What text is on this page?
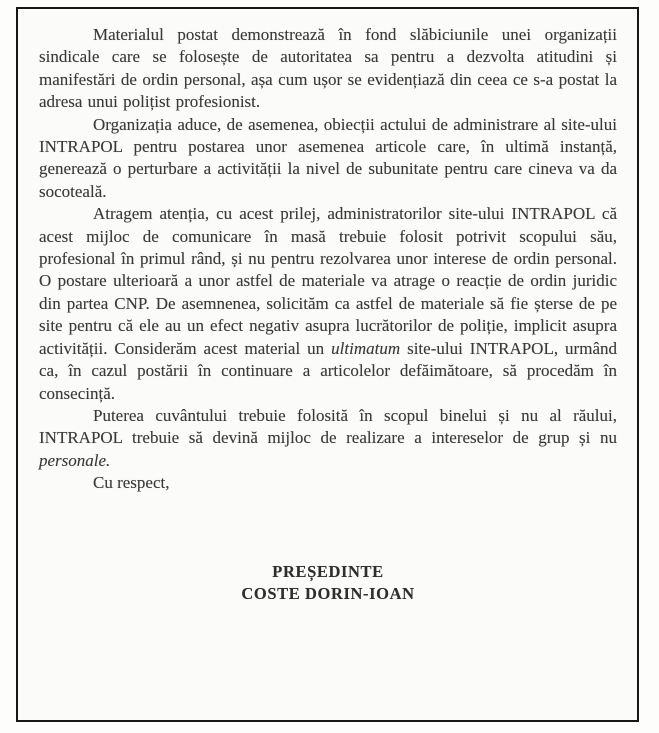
Materialul postat demonstrează în fond slăbiciunile unei organizații sindicale care se folosește de autoritatea sa pentru a dezvolta atitudini și manifestări de ordin personal, așa cum ușor se evidențiază din ceea ce s-a postat la adresa unui polițist profesionist.

Organizația aduce, de asemenea, obiecții actului de administrare al site-ului INTRAPOL pentru postarea unor asemenea articole care, în ultimă instanță, generează o perturbare a activității la nivel de subunitate pentru care cineva va da socoteală.

Atragem atenția, cu acest prilej, administratorilor site-ului INTRAPOL că acest mijloc de comunicare în masă trebuie folosit potrivit scopului său, profesional în primul rând, și nu pentru rezolvarea unor interese de ordin personal. O postare ulterioară a unor astfel de materiale va atrage o reacție de ordin juridic din partea CNP. De asemnenea, solicităm ca astfel de materiale să fie șterse de pe site pentru că ele au un efect negativ asupra lucrătorilor de poliție, implicit asupra activității. Considerăm acest material un ultimatum site-ului INTRAPOL, urmând ca, în cazul postării în continuare a articolelor defăimătoare, să procedăm în consecință.

Puterea cuvântului trebuie folosită în scopul binelui și nu al răului, INTRAPOL trebuie să devină mijloc de realizare a intereselor de grup și nu personale.

Cu respect,

PREȘEDINTE
COSTE DORIN-IOAN
